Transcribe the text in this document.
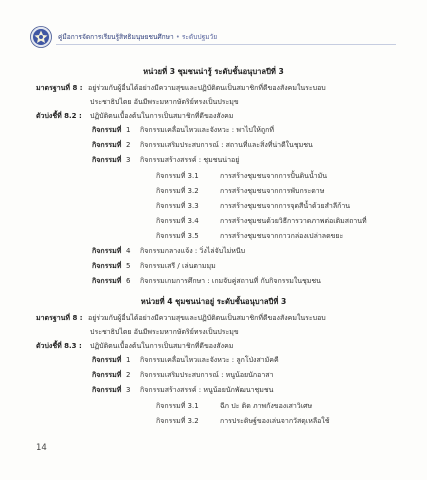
คู่มือการจัดการเรียนรู้สิทธิมนุษยชนศึกษา • ระดับปฐมวัย
หน่วยที่ 3 ชุมชนน่ารู้ ระดับชั้นอนุบาลปีที่ 3
มาตรฐานที่ 8 : อยู่ร่วมกับผู้อื่นได้อย่างมีความสุขและปฏิบัติตนเป็นสมาชิกที่ดีของสังคมในระบอบ
ประชาธิปไตย อันมีพระมหากษัตริย์ทรงเป็นประมุข
ตัวบ่งชี้ที่ 8.2 : ปฏิบัติตนเบื้องต้นในการเป็นสมาชิกที่ดีของสังคม
กิจกรรมที่ 1 กิจกรรมเคลื่อนไหวและจังหวะ : พาไปให้ถูกที่
กิจกรรมที่ 2 กิจกรรมเสริมประสบการณ์ : สถานที่และสิ่งที่น่าดีในชุมชน
กิจกรรมที่ 3 กิจกรรมสร้างสรรค์ : ชุมชนน่าอยู่
กิจกรรมที่ 3.1	การสร้างชุมชนจากการปั้นดินน้ำมัน
กิจกรรมที่ 3.2	การสร้างชุมชนจากการพับกระดาษ
กิจกรรมที่ 3.3	การสร้างชุมชนจากการจุดสีน้ำด้วยสำลีก้าน
กิจกรรมที่ 3.4	การสร้างชุมชนด้วยวิธีการวาดภาพต่อเติมสถานที่
กิจกรรมที่ 3.5	การสร้างชุมชนจากกาวกล่องเปล่าลดขยะ
กิจกรรมที่ 4 กิจกรรมกลางแจ้ง : วิ่งไล่จับไม่หนีบ
กิจกรรมที่ 5 กิจกรรมเสรี / เล่นตามมุม
กิจกรรมที่ 6 กิจกรรมเกมการศึกษา : เกมจับคู่สถานที่ กับกิจกรรมในชุมชน
หน่วยที่ 4 ชุมชนน่าอยู่ ระดับชั้นอนุบาลปีที่ 3
มาตรฐานที่ 8 : อยู่ร่วมกับผู้อื่นได้อย่างมีความสุขและปฏิบัติตนเป็นสมาชิกที่ดีของสังคมในระบอบ
ประชาธิปไตย อันมีพระมหากษัตริย์ทรงเป็นประมุข
ตัวบ่งชี้ที่ 8.3 : ปฏิบัติตนเบื้องต้นในการเป็นสมาชิกที่ดีของสังคม
กิจกรรมที่ 1 กิจกรรมเคลื่อนไหวและจังหวะ : ลูกโป่งสามัคคี
กิจกรรมที่ 2 กิจกรรมเสริมประสบการณ์ : หนูน้อยนักอาสา
กิจกรรมที่ 3 กิจกรรมสร้างสรรค์ : หนูน้อยนักพัฒนาชุมชน
กิจกรรมที่ 3.1	ฉีก ปะ ติด ภาพกังของเสาวิเศษ
กิจกรรมที่ 3.2	การประดิษฐ์ของเล่นจากวัสดุเหลือใช้
14
